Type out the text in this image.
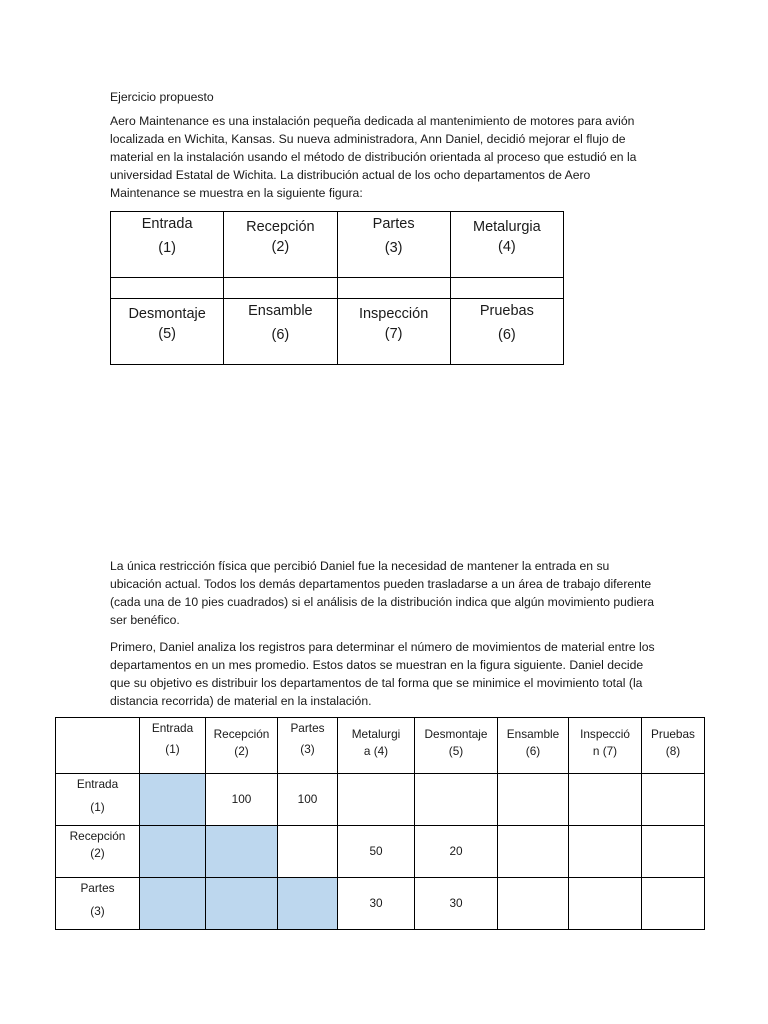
Ejercicio propuesto
Aero Maintenance es una instalación pequeña dedicada al mantenimiento de motores para avión localizada en Wichita, Kansas. Su nueva administradora, Ann Daniel, decidió mejorar el flujo de material en la instalación usando el método de distribución orientada al proceso que estudió en la universidad Estatal de Wichita. La distribución actual de los ocho departamentos de Aero Maintenance se muestra en la siguiente figura:
Entrada
(1)	Recepción
(2)	Partes
(3)	Metalurgia
(4)

Desmontaje
(5)	Ensamble
(6)	Inspección
(7)	Pruebas
(6)
La única restricción física que percibió Daniel fue la necesidad de mantener la entrada en su ubicación actual. Todos los demás departamentos pueden trasladarse a un área de trabajo diferente (cada una de 10 pies cuadrados) si el análisis de la distribución indica que algún movimiento pudiera ser benéfico.
Primero, Daniel analiza los registros para determinar el número de movimientos de material entre los departamentos en un mes promedio. Estos datos se muestran en la figura siguiente. Daniel decide que su objetivo es distribuir los departamentos de tal forma que se minimice el movimiento total (la distancia recorrida) de material en la instalación.

	Entrada
(1)	Recepción
(2)	Partes
(3)	Metalurgi
a (4)	Desmontaje
(5)	Ensamble
(6)	Inspecció
n (7)	Pruebas
(8)

Entrada
(1)		100	100					

Recepción
(2)				50	20			

Partes
(3)				30	30			
